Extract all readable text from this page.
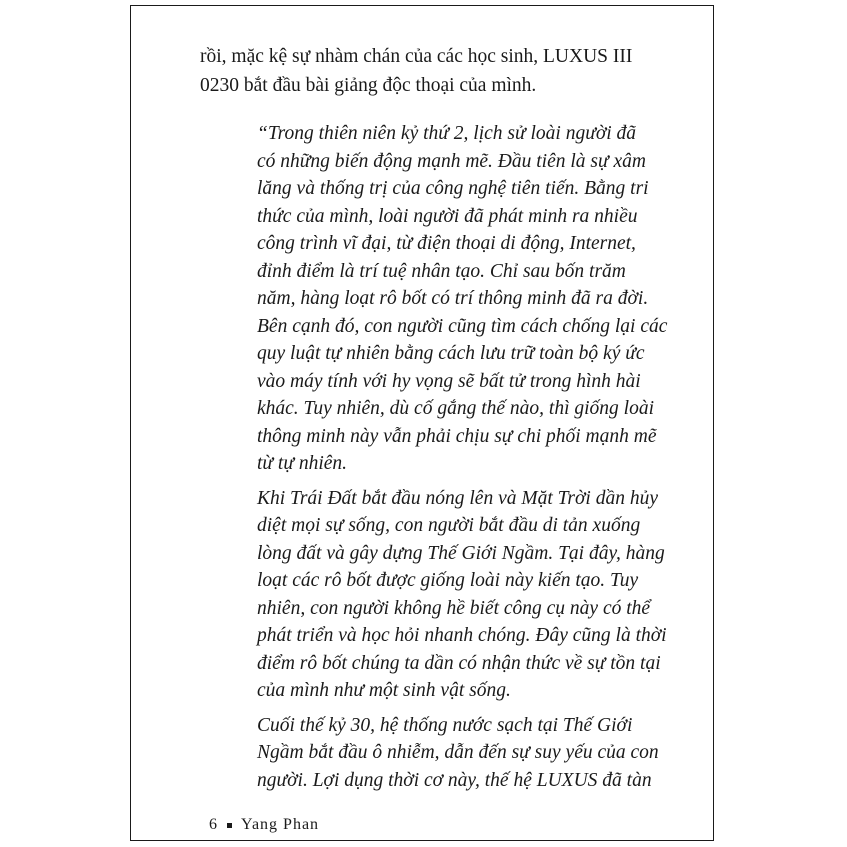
rồi, mặc kệ sự nhàm chán của các học sinh, LUXUS III
0230 bắt đầu bài giảng độc thoại của mình.
“Trong thiên niên kỷ thứ 2, lịch sử loài người đã
có những biến động mạnh mẽ. Đầu tiên là sự xâm
lăng và thống trị của công nghệ tiên tiến. Bằng tri
thức của mình, loài người đã phát minh ra nhiều
công trình vĩ đại, từ điện thoại di động, Internet,
đỉnh điểm là trí tuệ nhân tạo. Chỉ sau bốn trăm
năm, hàng loạt rô bốt có trí thông minh đã ra đời.
Bên cạnh đó, con người cũng tìm cách chống lại các
quy luật tự nhiên bằng cách lưu trữ toàn bộ ký ức
vào máy tính với hy vọng sẽ bất tử trong hình hài
khác. Tuy nhiên, dù cố gắng thế nào, thì giống loài
thông minh này vẫn phải chịu sự chi phối mạnh mẽ
từ tự nhiên.
Khi Trái Đất bắt đầu nóng lên và Mặt Trời dần hủy
diệt mọi sự sống, con người bắt đầu di tản xuống
lòng đất và gây dựng Thế Giới Ngầm. Tại đây, hàng
loạt các rô bốt được giống loài này kiến tạo. Tuy
nhiên, con người không hề biết công cụ này có thể
phát triển và học hỏi nhanh chóng. Đây cũng là thời
điểm rô bốt chúng ta dần có nhận thức về sự tồn tại
của mình như một sinh vật sống.
Cuối thế kỷ 30, hệ thống nước sạch tại Thế Giới
Ngầm bắt đầu ô nhiễm, dẫn đến sự suy yếu của con
người. Lợi dụng thời cơ này, thế hệ LUXUS đã tàn
6 Yang Phan
